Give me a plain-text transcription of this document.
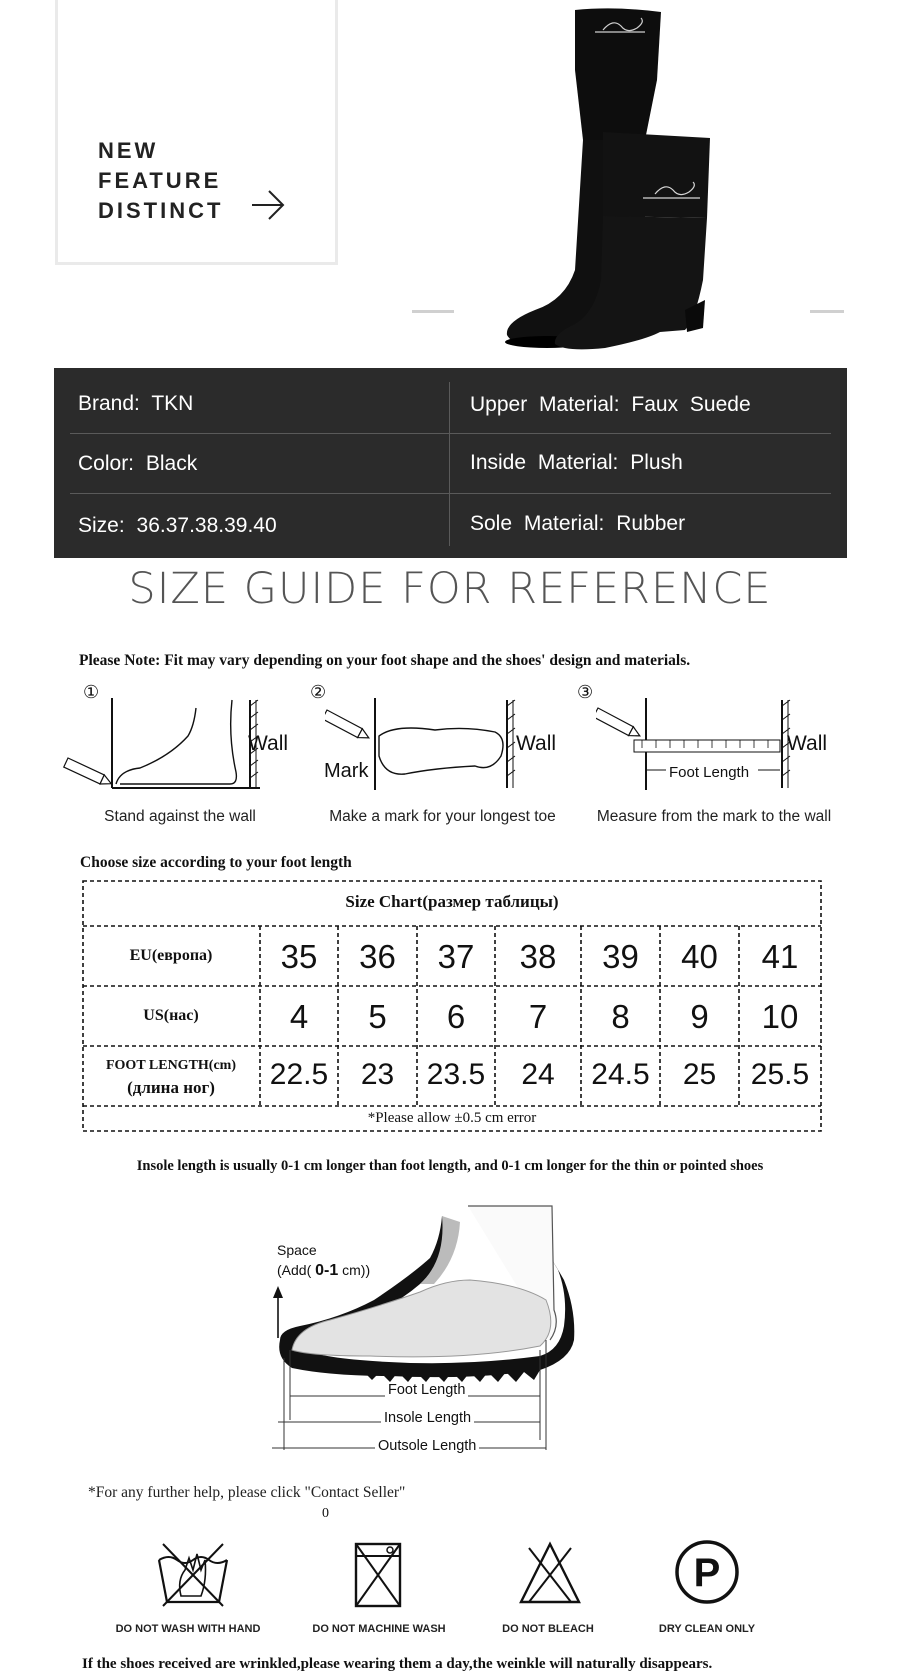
NEW
FEATURE
DISTINCT
Brand: TKN	Upper Material: Faux Suede
Color: Black	Inside Material: Plush
Size: 36.37.38.39.40	Sole Material: Rubber
SIZE GUIDE FOR REFERENCE
Please Note: Fit may vary depending on your foot shape and the shoes' design and materials.
①	②	③
Wall
Stand against the wall
Wall
Mark
Make a mark for your longest toe
Foot Length
Wall
Measure from the mark to the wall
Choose size according to your foot length
Size Chart(размер таблицы)
EU(европа)	35	36	37	38	39	40	41
US(нас)	4	5	6	7	8	9	10
FOOT LENGTH(cm)
(длина ног)	22.5	23	23.5	24	24.5	25	25.5
*Please allow ±0.5 cm error
Insole length is usually 0-1 cm longer than foot length, and 0-1 cm longer for the thin or pointed shoes
Space
(Add( 0-1 cm))
Foot Length
Insole Length
Outsole Length
*For any further help, please click "Contact Seller"
0
P
DO NOT WASH WITH HAND	DO NOT MACHINE WASH	DO NOT BLEACH	DRY CLEAN ONLY
If the shoes received are wrinkled,please wearing them a day,the weinkle will naturally disappears.
